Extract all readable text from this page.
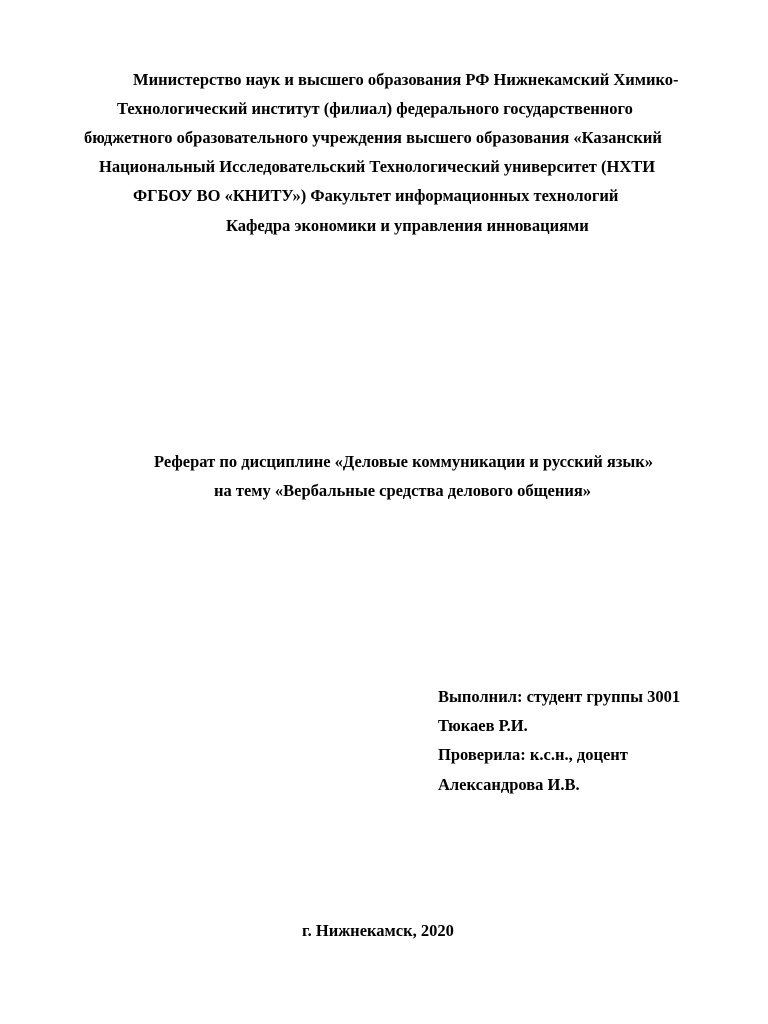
Министерство наук и высшего образования РФ Нижнекамский Химико-
Технологический институт (филиал) федерального государственного
бюджетного образовательного учреждения высшего образования «Казанский
Национальный Исследовательский Технологический университет (НХТИ
ФГБОУ ВО «КНИТУ») Факультет информационных технологий
Кафедра экономики и управления инновациями
Реферат по дисциплине «Деловые коммуникации и русский язык»
на тему «Вербальные средства делового общения»
Выполнил: студент группы 3001
Тюкаев Р.И.
Проверила: к.с.н., доцент
Александрова И.В.
г. Нижнекамск, 2020
